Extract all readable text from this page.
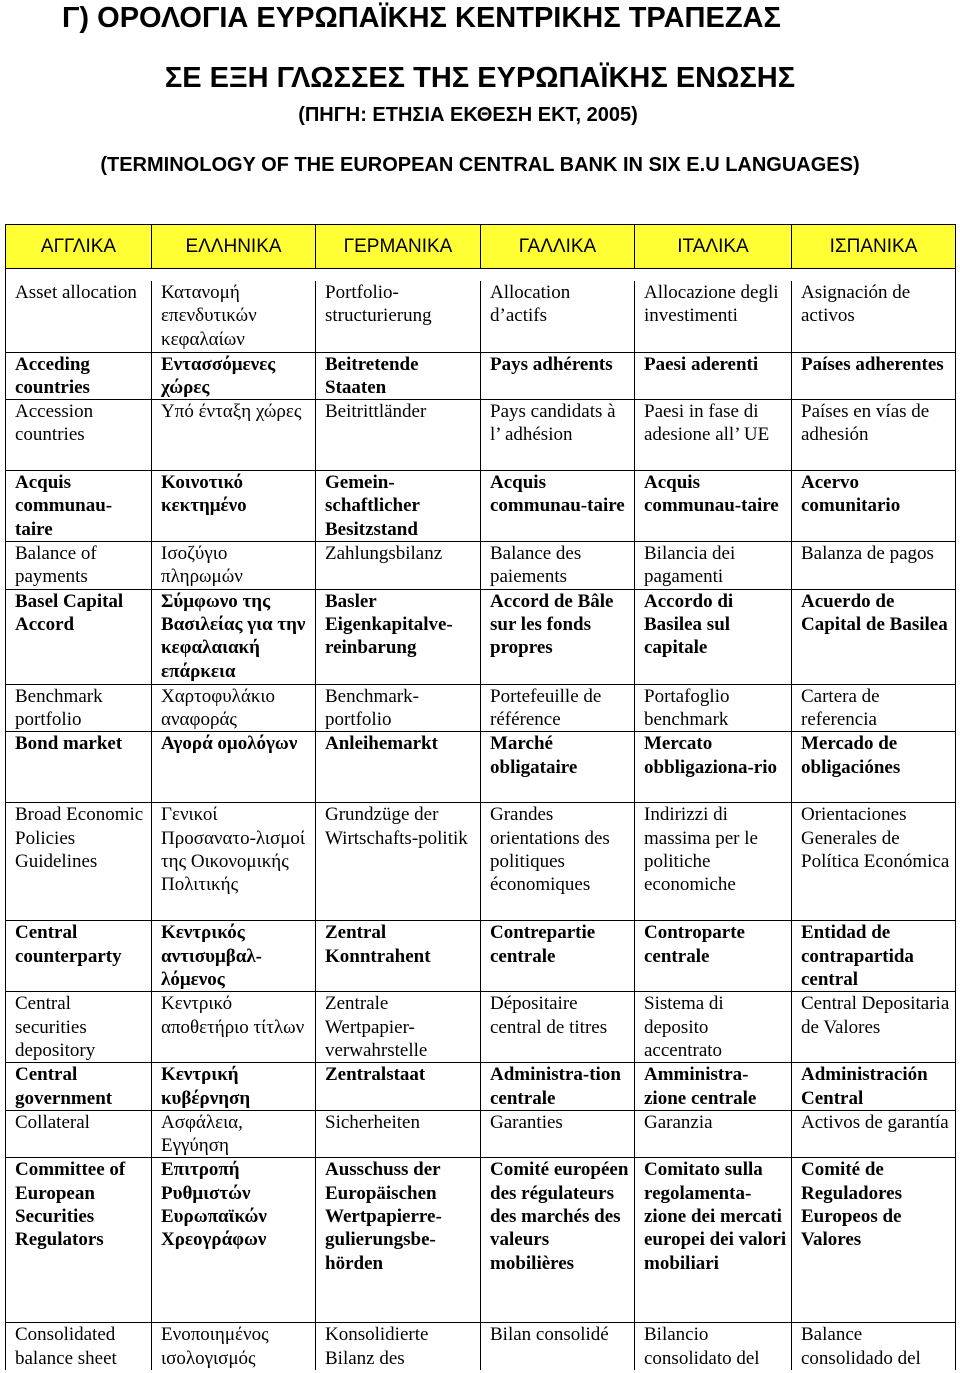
Γ) ΟΡΟΛΟΓΙΑ ΕΥΡΩΠΑΪΚΗΣ ΚΕΝΤΡΙΚΗΣ ΤΡΑΠΕΖΑΣ
ΣΕ ΕΞΗ ΓΛΩΣΣΕΣ ΤΗΣ ΕΥΡΩΠΑΪΚΗΣ ΕΝΩΣΗΣ
(ΠΗΓΗ: ΕΤΗΣΙΑ ΕΚΘΕΣΗ ΕΚΤ, 2005)
(TERMINOLOGY OF THE EUROPEAN CENTRAL BANK IN SIX E.U LANGUAGES)
ΑΓΓΛΙΚΑ	ΕΛΛΗΝΙΚΑ	ΓΕΡΜΑΝΙΚΑ	ΓΑΛΛΙΚΑ	ΙΤΑΛΙΚΑ	ΙΣΠΑΝΙΚΑ

Asset allocation	Κατανομή επενδυτικών κεφαλαίων	Portfolio-structurierung	Allocation d’actifs	Allocazione degli investimenti	Asignación de activos
Acceding countries	Εντασσόμενες χώρες	Beitretende Staaten	Pays adhérents	Paesi aderenti	Países adherentes
Accession countries	Υπό ένταξη χώρες	Beitrittländer	Pays candidats à l’ adhésion	Paesi in fase di adesione all’ UE	Países en vías de adhesión
Acquis communau-taire	Κοινοτικό κεκτημένο	Gemein-schaftlicher Besitzstand	Acquis communau-taire	Acquis communau-taire	Acervo comunitario
Balance of payments	Ισοζύγιο πληρωμών	Zahlungsbilanz	Balance des paiements	Bilancia dei pagamenti	Balanza de pagos
Basel Capital Accord	Σύμφωνο της Βασιλείας για την κεφαλαιακή επάρκεια	Basler Eigenkapitalve-reinbarung	Accord de Bâle sur les fonds propres	Accordo di Basilea sul capitale	Acuerdo de Capital de Basilea
Benchmark portfolio	Χαρτοφυλάκιο αναφοράς	Benchmark-portfolio	Portefeuille de référence	Portafoglio benchmark	Cartera de referencia
Bond market	Αγορά ομολόγων	Anleihemarkt	Marché obligataire	Mercato obbligaziona-rio	Mercado de obligaciónes
Broad Economic Policies Guidelines	Γενικοί Προσανατο-λισμοί της Οικονομικής Πολιτικής	Grundzüge der Wirtschafts-politik	Grandes orientations des politiques économiques	Indirizzi di massima per le politiche economiche	Orientaciones Generales de Política Económica
Central counterparty	Κεντρικός αντισυμβαλ-λόμενος	Zentral Konntrahent	Contrepartie centrale	Controparte centrale	Entidad de contrapartida central
Central securities depository	Κεντρικό αποθετήριο τίτλων	Zentrale Wertpapier-verwahrstelle	Dépositaire central de titres	Sistema di deposito accentrato	Central Depositaria de Valores
Central government	Κεντρική κυβέρνηση	Zentralstaat	Administra-tion centrale	Amministra-zione centrale	Administración Central
Collateral	Ασφάλεια, Εγγύηση	Sicherheiten	Garanties	Garanzia	Activos de garantía
Committee of European Securities Regulators	Επιτροπή Ρυθμιστών Ευρωπαϊκών Χρεογράφων	Ausschuss der Europäischen Wertpapierre-gulierungsbe-hörden	Comité européen des régulateurs des marchés des valeurs mobilières	Comitato sulla regolamenta-zione dei mercati europei dei valori mobiliari	Comité de Reguladores Europeos de Valores
Consolidated balance sheet	Ενοποιημένος ισολογισμός	Konsolidierte Bilanz des	Bilan consolidé	Bilancio consolidato del	Balance consolidado del
